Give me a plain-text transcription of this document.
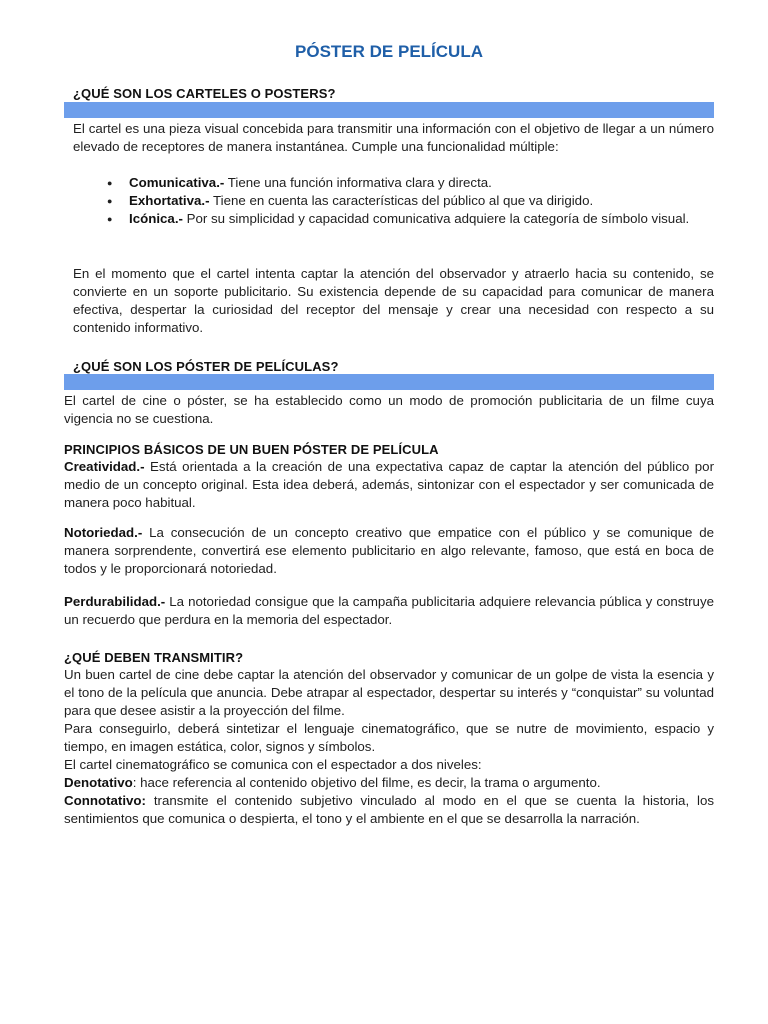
PÓSTER DE PELÍCULA
¿QUÉ SON LOS CARTELES O POSTERS?

El cartel es una pieza visual concebida para transmitir una información con el objetivo de llegar a un número elevado de receptores de manera instantánea. Cumple una funcionalidad múltiple:

● Comunicativa.- Tiene una función informativa clara y directa.
● Exhortativa.- Tiene en cuenta las características del público al que va dirigido.
● Icónica.- Por su simplicidad y capacidad comunicativa adquiere la categoría de símbolo visual.

En el momento que el cartel intenta captar la atención del observador y atraerlo hacia su contenido, se convierte en un soporte publicitario. Su existencia depende de su capacidad para comunicar de manera efectiva, despertar la curiosidad del receptor del mensaje y crear una necesidad con respecto a su contenido informativo.

¿QUÉ SON LOS PÓSTER DE PELÍCULAS?

El cartel de cine o póster, se ha establecido como un modo de promoción publicitaria de un filme cuya vigencia no se cuestiona.

PRINCIPIOS BÁSICOS DE UN BUEN PÓSTER DE PELÍCULA

Creatividad.- Está orientada a la creación de una expectativa capaz de captar la atención del público por medio de un concepto original. Esta idea deberá, además, sintonizar con el espectador y ser comunicada de manera poco habitual.

Notoriedad.- La consecución de un concepto creativo que empatice con el público y se comunique de manera sorprendente, convertirá ese elemento publicitario en algo relevante, famoso, que está en boca de todos y le proporcionará notoriedad.

Perdurabilidad.- La notoriedad consigue que la campaña publicitaria adquiere relevancia pública y construye un recuerdo que perdura en la memoria del espectador.

¿QUÉ DEBEN TRANSMITIR?

Un buen cartel de cine debe captar la atención del observador y comunicar de un golpe de vista la esencia y el tono de la película que anuncia. Debe atrapar al espectador, despertar su interés y “conquistar” su voluntad para que desee asistir a la proyección del filme.

Para conseguirlo, deberá sintetizar el lenguaje cinematográfico, que se nutre de movimiento, espacio y tiempo, en imagen estática, color, signos y símbolos.

El cartel cinematográfico se comunica con el espectador a dos niveles:

Denotativo: hace referencia al contenido objetivo del filme, es decir, la trama o argumento.

Connotativo: transmite el contenido subjetivo vinculado al modo en el que se cuenta la historia, los sentimientos que comunica o despierta, el tono y el ambiente en el que se desarrolla la narración.
